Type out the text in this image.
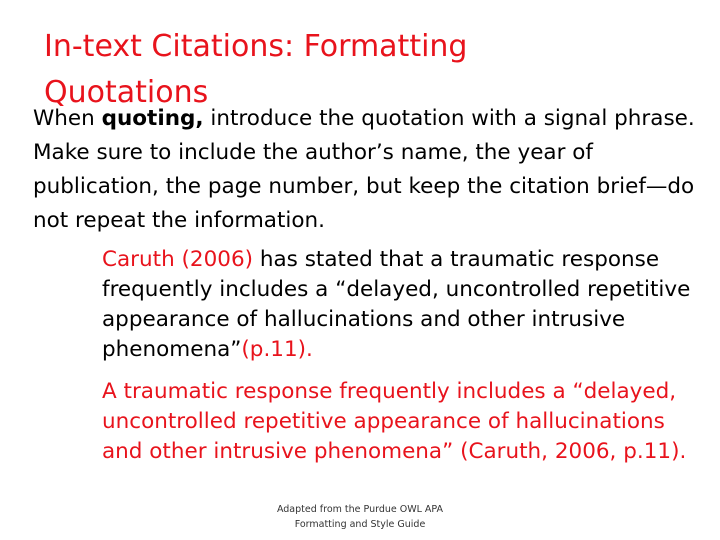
In-text Citations: Formatting Quotations
When quoting, introduce the quotation with a signal phrase. Make sure to include the author’s name, the year of publication, the page number, but keep the citation brief—do not repeat the information.
Caruth (2006) has stated that a traumatic response frequently includes a “delayed, uncontrolled repetitive appearance of hallucinations and other intrusive phenomena”(p.11).
A traumatic response frequently includes a “delayed, uncontrolled repetitive appearance of hallucinations and other intrusive phenomena” (Caruth, 2006, p.11).
Adapted from the Purdue OWL APA
Formatting and Style Guide
